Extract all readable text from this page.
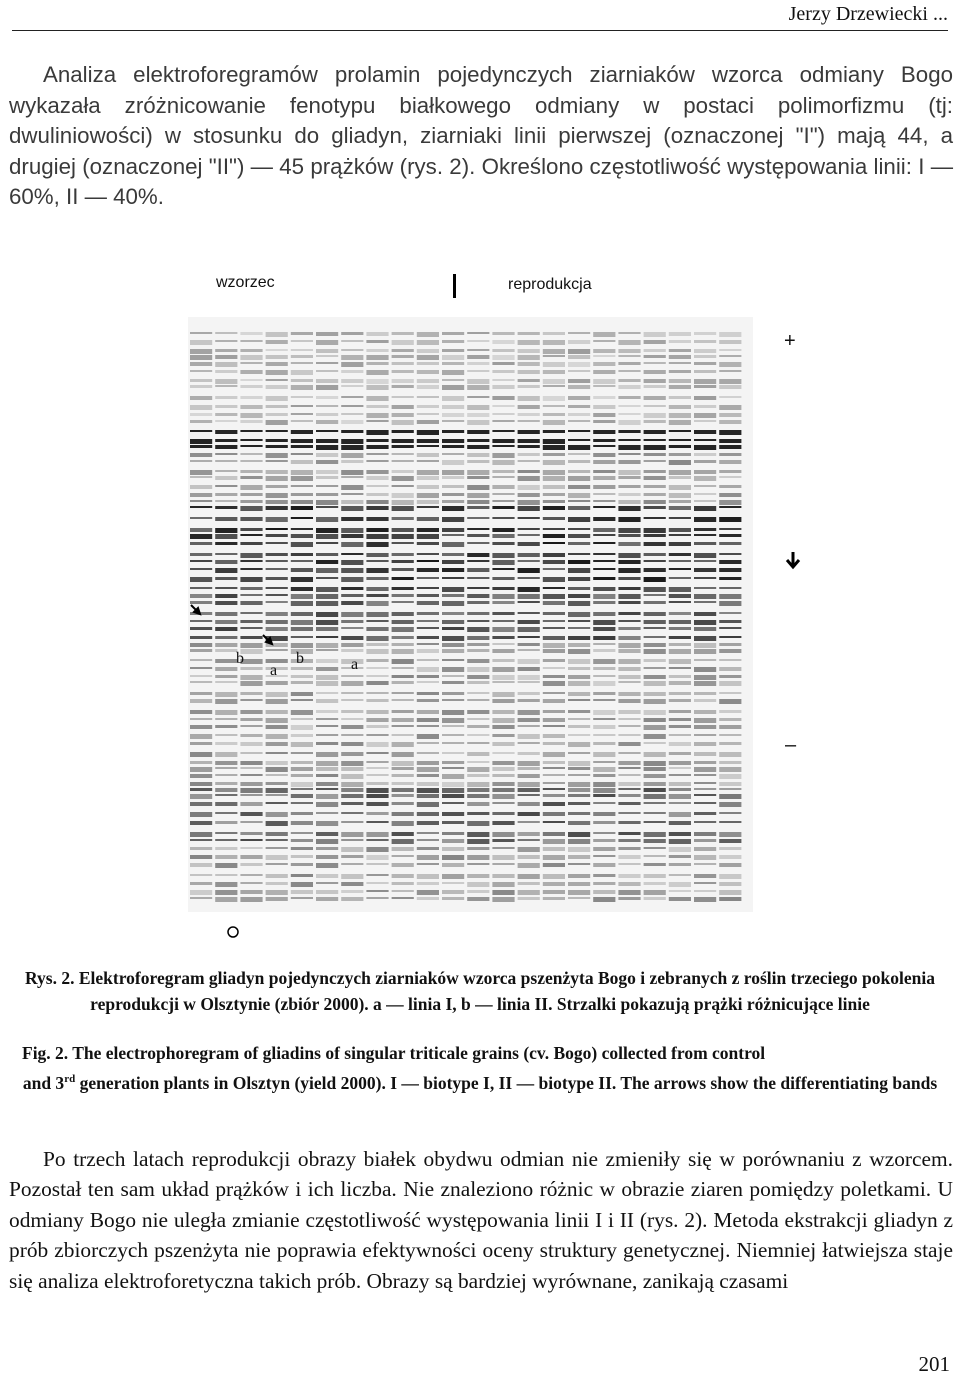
Jerzy Drzewiecki ...

Analiza elektroforegramów prolamin pojedynczych ziarniaków wzorca odmiany Bogo wykazała zróżnicowanie fenotypu białkowego odmiany w postaci polimorfizmu (tj: dwuliniowości) w stosunku do gliadyn, ziarniaki linii pierwszej (oznaczonej "I") mają 44, a drugiej (oznaczonej "II") — 45 prążków (rys. 2). Określono częstotliwość występowania linii: I — 60%, II — 40%.

wzorzec	reprodukcja
+
–
b
a
b	a

Rys. 2. Elektroforegram gliadyn pojedynczych ziarniaków wzorca pszenżyta Bogo i zebranych z roślin trzeciego pokolenia reprodukcji w Olsztynie (zbiór 2000). a — linia I, b — linia II. Strzalki pokazują prążki różnicujące linie

Fig. 2. The electrophoregram of gliadins of singular triticale grains (cv. Bogo) collected from control
and 3rd generation plants in Olsztyn (yield 2000). I — biotype I, II — biotype II. The arrows show the differentiating bands

Po trzech latach reprodukcji obrazy białek obydwu odmian nie zmieniły się w porównaniu z wzorcem. Pozostał ten sam układ prążków i ich liczba. Nie znaleziono różnic w obrazie ziaren pomiędzy poletkami. U odmiany Bogo nie uległa zmianie częstotliwość występowania linii I i II (rys. 2). Metoda ekstrakcji gliadyn z prób zbiorczych pszenżyta nie poprawia efektywności oceny struktury genetycznej. Niemniej łatwiejsza staje się analiza elektroforetyczna takich prób. Obrazy są bardziej wyrównane, zanikają czasami

201
